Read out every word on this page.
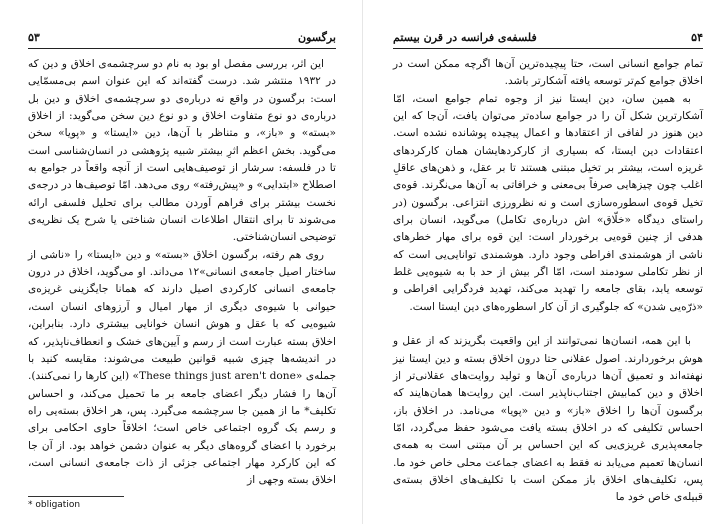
۵۳	برگسون

این اثر، بررسی مفصل او بود به نام دو سرچشمه‌ی اخلاق و دین که در ۱۹۳۲ منتشر شد. درست گفته‌اند که این عنوان اسم بی‌مسمّایی است: برگسون در واقع نه درباره‌ی دو سرچشمه‌ی اخلاق و دین بل درباره‌ی دو نوع متفاوت اخلاق و دو نوع دین سخن می‌گوید: از اخلاق «بسته» و «باز»، و متناظر با آن‌ها، دین «ایستا» و «پویا» سخن می‌گوید. بخش اعظم اثرِ بیشتر شبیه پژوهشی در انسان‌شناسی است تا در فلسفه: سرشار از توصیف‌هایی است از آنچه واقعاً در جوامع به اصطلاح «ابتدایی» و «پیش‌رفته» روی می‌دهد. امّا توصیف‌ها در درجه‌ی نخست بیشتر برای فراهم آوردن مطالب برای تحلیل فلسفی ارائه می‌شوند تا برای انتقال اطلاعات انسان شناختی یا شرح یک نظریه‌ی توضیحی انسان‌شناختی.

روی هم رفته، برگسون اخلاق «بسته» و دین «ایستا» را «ناشی از ساختار اصیل جامعه‌ی انسانی»۱۲ می‌داند. او می‌گوید، اخلاق در درون جامعه‌ی انسانی کارکردی اصیل دارند که همانا جایگزینی غریزه‌ی حیوانی با شیوه‌ی دیگری از مهار امیال و آرزوهای انسان است، شیوه‌یی که با عقل و هوش انسان خوانایی بیشتری دارد. بنابراین، اخلاق بسته عبارت است از رسم و آیین‌های خشک و انعطاف‌ناپذیر، که در اندیشه‌ها چیزی شبیه قوانین طبیعت می‌شوند: مقایسه کنید با جمله‌ی «These things just aren't done» (این کارها را نمی‌کنند). آن‌ها را فشار دیگر اعضای جامعه بر ما تحمیل می‌کند، و احساس تکلیف* ما از همین جا سرچشمه می‌گیرد. پس، هر اخلاق بسته‌یی راه و رسم یک گروه اجتماعی خاص است؛ اخلاقاً حاوی احکامی برای برخورد با اعضای گروه‌های دیگر به عنوان دشمن خواهد بود. از آن جا که این کارکرد مهار اجتماعی جزئی از ذات جامعه‌ی انسانی است، اخلاق بسته وجهی از

* obligation
۵۴
فلسفه‌ی فرانسه در قرن بیستم

تمام جوامع انسانی است، حتا پیچیده‌ترین آن‌ها اگرچه ممکن است در اخلاق جوامع کم‌تر توسعه یافته آشکارتر باشد.

به همین سان، دین ایستا نیز از وجوه تمام جوامع است، امّا آشکارترین شکل آن را در جوامع ساده‌تر می‌توان یافت، آن‌جا که این دین هنوز در لفافی از اعتقادها و اعمال پیچیده پوشانده نشده است. اعتقادات دین ایستا، که بسیاری از کارکردهایشان همان کارکردهای غریزه است، بیشتر بر تخیل مبتنی هستند تا بر عقل، و ذهن‌های عاقلِ اغلب چون چیزهایی صرفاً بی‌معنی و خرافاتی به آن‌ها می‌نگرند. قوه‌ی تخیل قوه‌ی اسطوره‌سازی است و نه نظرورزی انتزاعی. برگسون (در راستای دیدگاه «خلّاق» اش درباره‌ی تکامل) می‌گوید، انسان برای هدفی از چنین قوه‌یی برخوردار است: این قوه برای مهار خطرهای ناشی از هوشمندی افراطی وجود دارد. هوشمندی توانایی‌یی است که از نظر تکاملی سودمند است، امّا اگر بیش از حد با به شیوه‌یی غلط توسعه یابد، بقای جامعه را تهدید می‌کند، تهدید فردگرایی افراطی و «ذرّه‌یی شدن» که جلوگیری از آن کار اسطوره‌های دین ایستا است.

با این همه، انسان‌ها نمی‌توانند از این واقعیت بگریزند که از عقل و هوش برخوردارند. اصول عقلانی حتا درون اخلاق بسته و دین ایستا نیز نهفته‌اند و تعمیق آن‌ها درباره‌ی آن‌ها و تولید روایت‌های عقلانی‌تر از اخلاق و دین کمابیش اجتناب‌ناپذیر است. این روایت‌ها همان‌هایند که برگسون آن‌ها را اخلاق «باز» و دین «پویا» می‌نامد. در اخلاق باز، احساس تکلیفی که در اخلاق بسته یافت می‌شود حفظ می‌گردد، امّا جامعه‌پذیری غریزی‌یی که این احساس بر آن مبتنی است به همه‌ی انسان‌ها تعمیم می‌یابد نه فقط به اعضای جماعت محلی خاص خود ما. پس، تکلیف‌های اخلاق باز ممکن است با تکلیف‌های اخلاق بسته‌ی قبیله‌ی خاص خود ما
